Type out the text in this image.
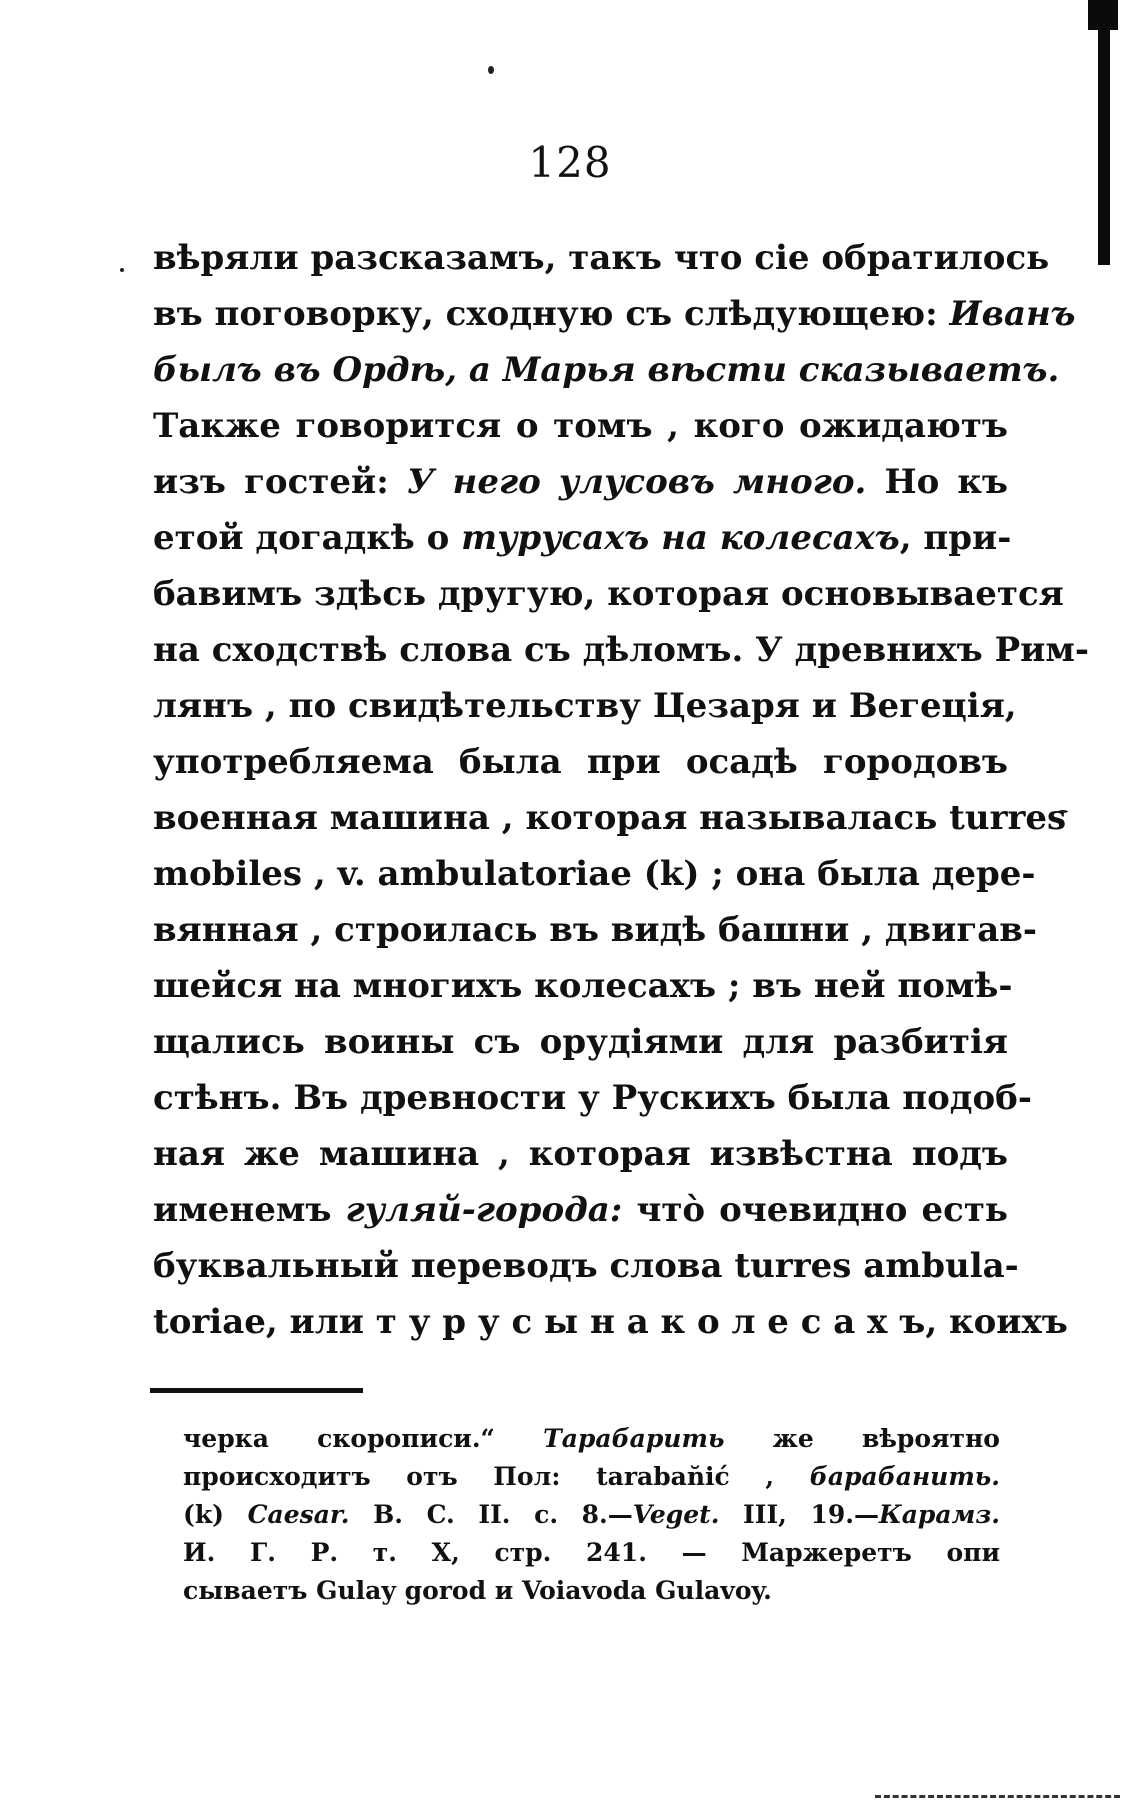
128
вѣряли разсказамъ, такъ что сіе обратилось
въ поговорку, сходную съ слѣдующею: Иванъ
былъ въ Ордѣ, а Марья вѣсти сказываетъ.
Также говорится о томъ , кого ожидаютъ
изъ гостей: У него улусовъ много. Но къ
етой догадкѣ о турусахъ на колесахъ, при-
бавимъ здѣсь другую, которая основывается
на сходствѣ слова съ дѣломъ. У древнихъ Рим-
лянъ , по свидѣтельству Цезаря и Вегеція,
употребляема была при осадѣ городовъ
военная машина , которая называлась turres
mobiles , v. ambulatoriae (k) ; она была дере-
вянная , строилась въ видѣ башни , двигав-
шейся на многихъ колесахъ ; въ ней помѣ-
щались воины съ орудіями для разбитія
стѣнъ. Въ древности у Рускихъ была подоб-
ная же машина , которая извѣстна подъ
именемъ гуляй-города: что̀ очевидно есть
буквальный переводъ слова turres ambula-
toriae, или т у р у с ы н а к о л е с а х ъ, коихъ
черка скорописи.“ Тарабарить же вѣроятно
происходитъ отъ Пол: taraban̆ić , барабанить.
(k) Caesar. B. C. II. c. 8.—Veget. III, 19.—Карамз.
И. Г. Р. т. X, стр. 241. — Маржеретъ опи
сываетъ Gulay gorod и Voiavoda Gulavoy.
